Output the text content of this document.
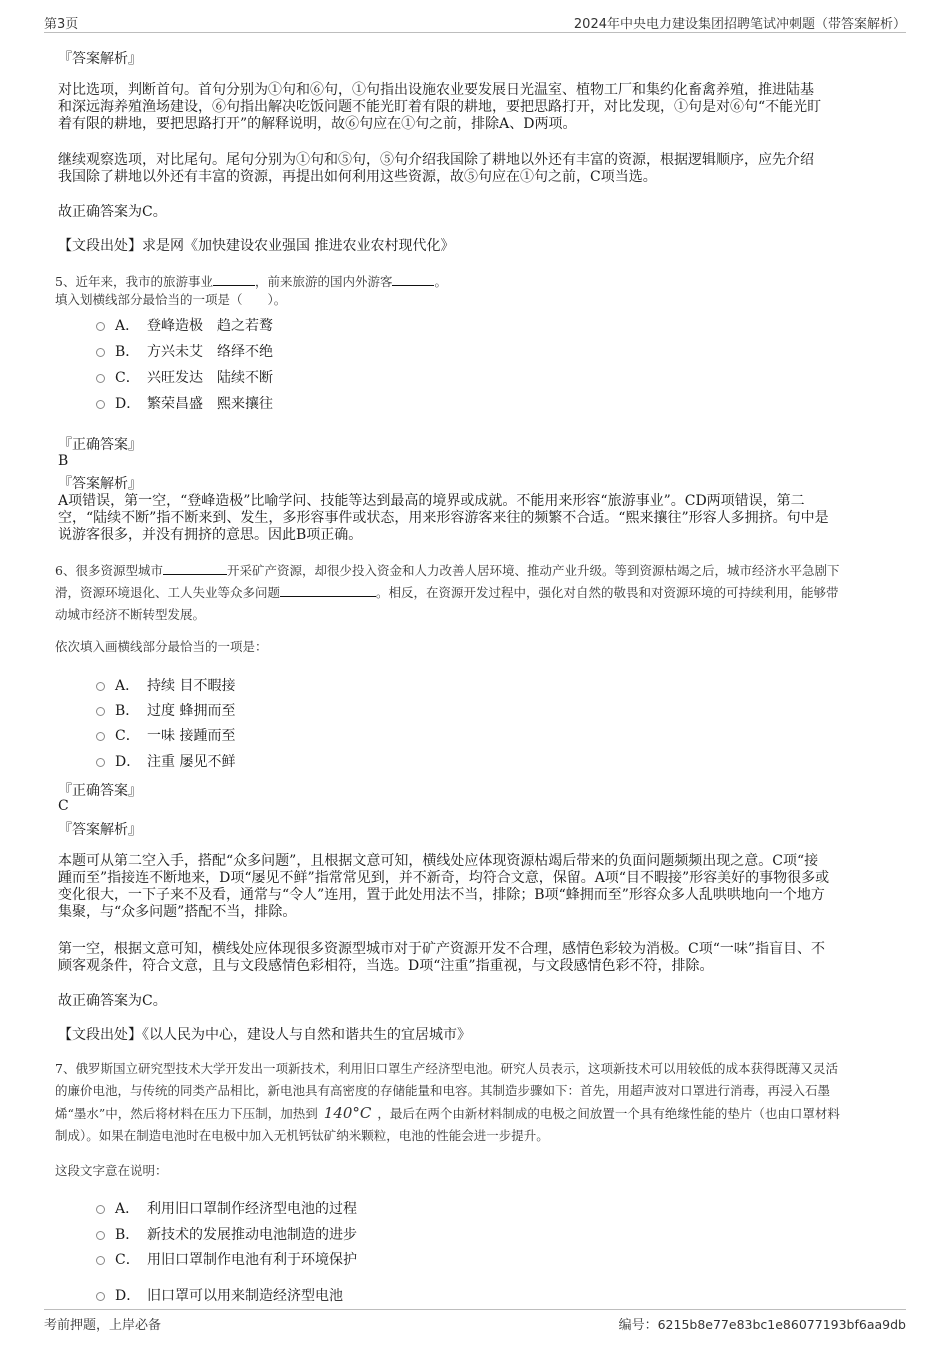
第3页	2024年中央电力建设集团招聘笔试冲刺题（带答案解析）
『答案解析』
对比选项，判断首句。首句分别为①句和⑥句，①句指出设施农业要发展日光温室、植物工厂和集约化畜禽养殖，推进陆基
和深远海养殖渔场建设，⑥句指出解决吃饭问题不能光盯着有限的耕地，要把思路打开，对比发现，①句是对⑥句“不能光盯
着有限的耕地，要把思路打开”的解释说明，故⑥句应在①句之前，排除A、D两项。
继续观察选项，对比尾句。尾句分别为①句和⑤句，⑤句介绍我国除了耕地以外还有丰富的资源，根据逻辑顺序，应先介绍
我国除了耕地以外还有丰富的资源，再提出如何利用这些资源，故⑤句应在①句之前，C项当选。
故正确答案为C。
【文段出处】求是网《加快建设农业强国 推进农业农村现代化》
5、近年来，我市的旅游事业	，前来旅游的国内外游客	。
填入划横线部分最恰当的一项是（　　）。
A． 登峰造极　趋之若鹜
B． 方兴未艾　络绎不绝
C． 兴旺发达　陆续不断
D． 繁荣昌盛　熙来攘往
『正确答案』
B
『答案解析』
A项错误，第一空，“登峰造极”比喻学问、技能等达到最高的境界或成就。不能用来形容“旅游事业”。CD两项错误，第二
空，“陆续不断”指不断来到、发生，多形容事件或状态，用来形容游客来往的频繁不合适。“熙来攘往”形容人多拥挤。句中是
说游客很多，并没有拥挤的意思。因此B项正确。
6、很多资源型城市	开采矿产资源，却很少投入资金和人力改善人居环境、推动产业升级。等到资源枯竭之后，城市经济水平急剧下
滑，资源环境退化、工人失业等众多问题	。相反，在资源开发过程中，强化对自然的敬畏和对资源环境的可持续利用，能够带
动城市经济不断转型发展。
依次填入画横线部分最恰当的一项是：
A． 持续 目不暇接
B． 过度 蜂拥而至
C． 一味 接踵而至
D． 注重 屡见不鲜
『正确答案』
C
『答案解析』
本题可从第二空入手，搭配“众多问题”，且根据文意可知，横线处应体现资源枯竭后带来的负面问题频频出现之意。C项“接
踵而至”指接连不断地来，D项“屡见不鲜”指常常见到，并不新奇，均符合文意，保留。A项“目不暇接”形容美好的事物很多或
变化很大，一下子来不及看，通常与“令人”连用，置于此处用法不当，排除；B项“蜂拥而至”形容众多人乱哄哄地向一个地方
集聚，与“众多问题”搭配不当，排除。
第一空，根据文意可知，横线处应体现很多资源型城市对于矿产资源开发不合理，感情色彩较为消极。C项“一味”指盲目、不
顾客观条件，符合文意，且与文段感情色彩相符，当选。D项“注重”指重视，与文段感情色彩不符，排除。
故正确答案为C。
【文段出处】《以人民为中心，建设人与自然和谐共生的宜居城市》
7、俄罗斯国立研究型技术大学开发出一项新技术，利用旧口罩生产经济型电池。研究人员表示，这项新技术可以用较低的成本获得既薄又灵活
的廉价电池，与传统的同类产品相比，新电池具有高密度的存储能量和电容。其制造步骤如下：首先，用超声波对口罩进行消毒，再浸入石墨
烯“墨水”中，然后将材料在压力下压制，加热到 140°C ，最后在两个由新材料制成的电极之间放置一个具有绝缘性能的垫片（也由口罩材料
制成）。如果在制造电池时在电极中加入无机钙钛矿纳米颗粒，电池的性能会进一步提升。
这段文字意在说明：
A． 利用旧口罩制作经济型电池的过程
B． 新技术的发展推动电池制造的进步
C． 用旧口罩制作电池有利于环境保护
D． 旧口罩可以用来制造经济型电池
考前押题，上岸必备	编号：6215b8e77e83bc1e86077193bf6aa9db
